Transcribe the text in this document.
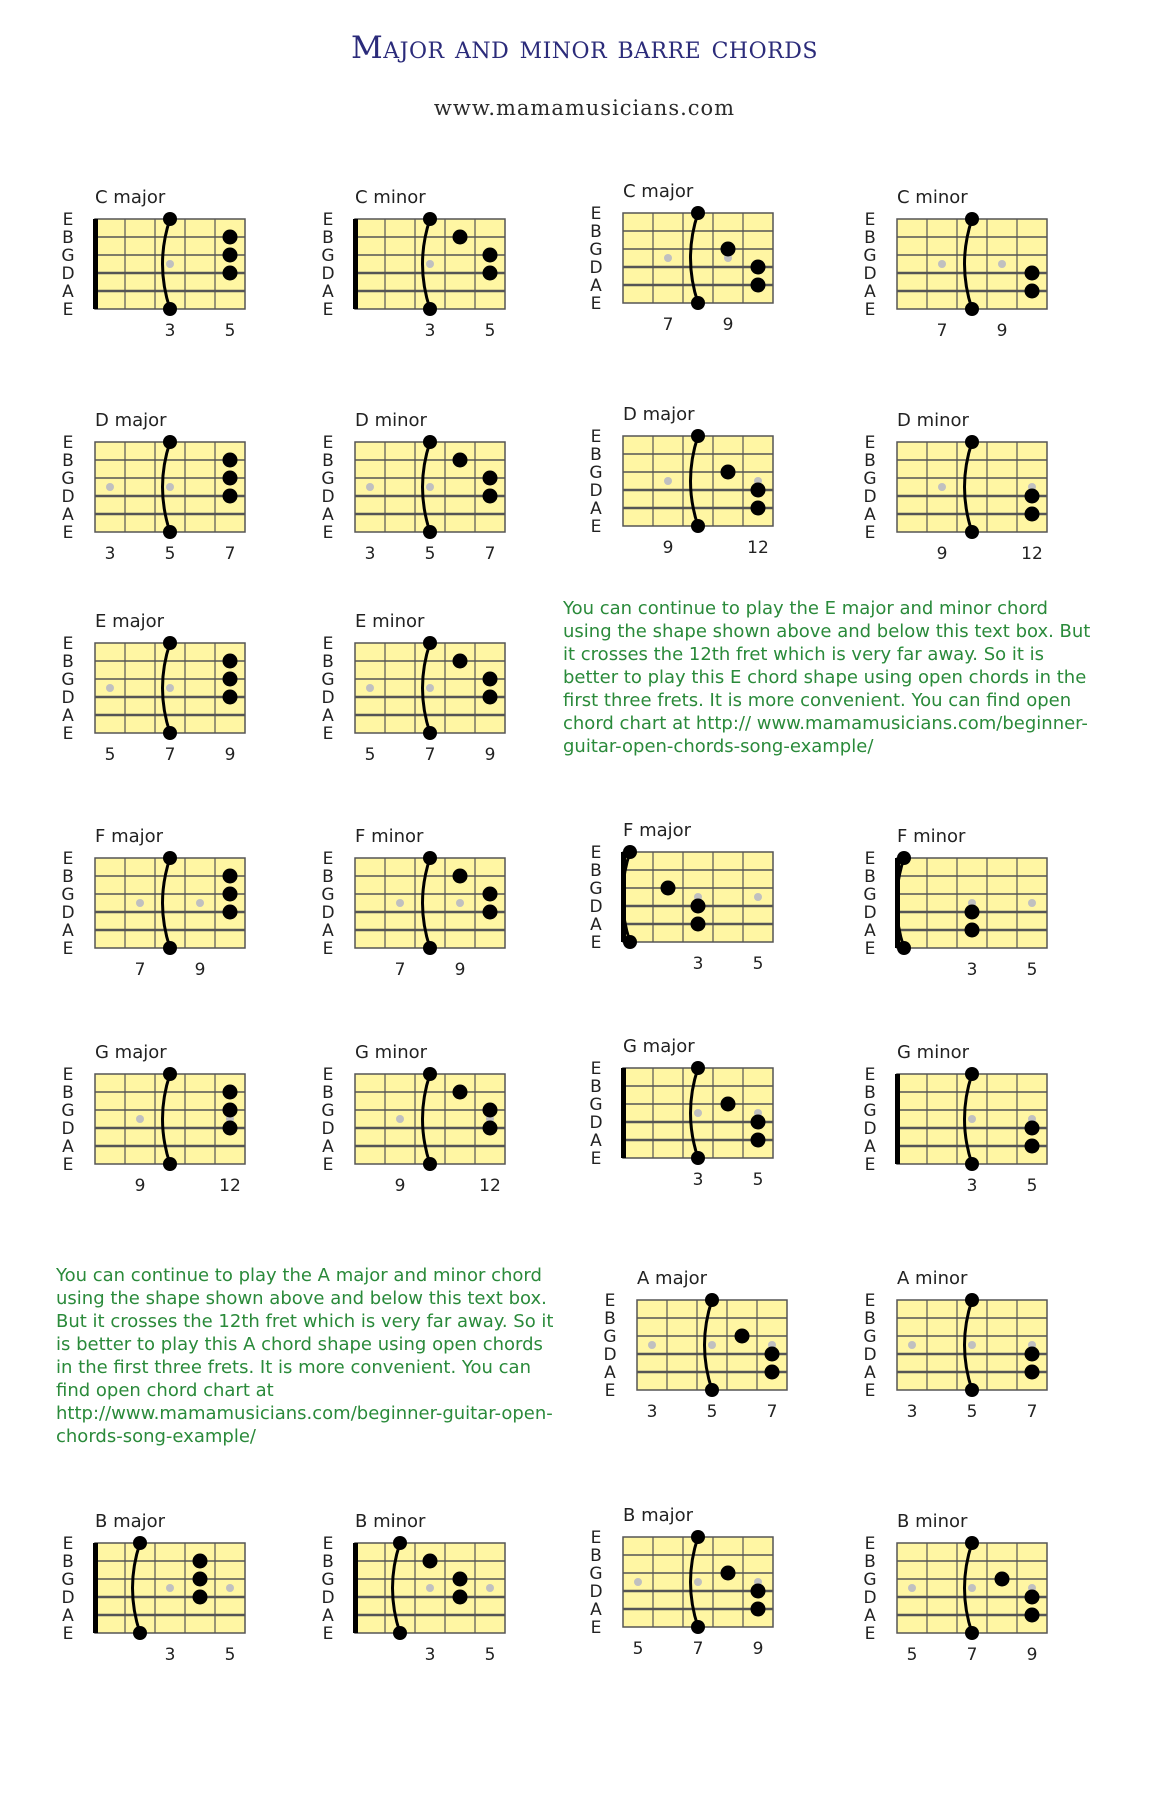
Major and minor barre chords
www.mamamusicians.com
C major
E
B
G
D
A
E
3	5
C minor
E
B
G
D
A
E
3	5
C major
E
B
G
D
A
E
7	9
C minor
E
B
G
D
A
E
7	9
D major
E
B
G
D
A
E
3	5	7
D minor
E
B
G
D
A
E
3	5	7
D major
E
B
G
D
A
E
9	12
D minor
E
B
G
D
A
E
9	12
E major
E
B
G
D
A
E
5	7	9
E minor
E
B
G
D
A
E
5	7	9
F major
E
B
G
D
A
E
7	9
F minor
E
B
G
D
A
E
7	9
F major
E
B
G
D
A
E
3	5
F minor
E
B
G
D
A
E
3	5
G major
E
B
G
D
A
E
9	12
G minor
E
B
G
D
A
E
9	12
G major
E
B
G
D
A
E
3	5
G minor
E
B
G
D
A
E
3	5
A major
E
B
G
D
A
E
3	5	7
A minor
E
B
G
D
A
E
3	5	7
B major
E
B
G
D
A
E
3	5
B minor
E
B
G
D
A
E
3	5
B major
E
B
G
D
A
E
5	7	9
B minor
E
B
G
D
A
E
5	7	9
You can continue to play the E major and minor chord using the shape shown above and below this text box. But it crosses the 12th fret which is very far away. So it is better to play this E chord shape using open chords in the first three frets. It is more convenient. You can find open chord chart at http:// www.mamamusicians.com/beginner-guitar-open-chords-song-example/
You can continue to play the A major and minor chord using the shape shown above and below this text box. But it crosses the 12th fret which is very far away. So it is better to play this A chord shape using open chords in the first three frets. It is more convenient. You can find open chord chart at http://www.mamamusicians.com/beginner-guitar-open-chords-song-example/
